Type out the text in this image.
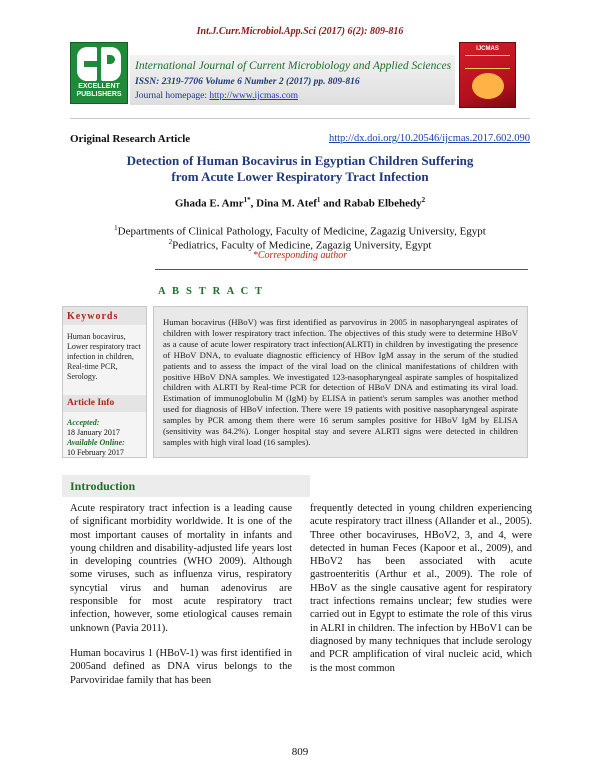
Int.J.Curr.Microbiol.App.Sci (2017) 6(2): 809-816
EXCELLENT PUBLISHERS
International Journal of Current Microbiology and Applied Sciences
ISSN: 2319-7706 Volume 6 Number 2 (2017) pp. 809-816
Journal homepage: http://www.ijcmas.com
IJCMAS
Original Research Article	http://dx.doi.org/10.20546/ijcmas.2017.602.090
Detection of Human Bocavirus in Egyptian Children Suffering
from Acute Lower Respiratory Tract Infection
Ghada E. Amr$^{1*}$, Dina M. Atef$^1$ and Rabab Elbehedy$^2$
$^1$Departments of Clinical Pathology, Faculty of Medicine, Zagazig University, Egypt
$^2$Pediatrics, Faculty of Medicine, Zagazig University, Egypt
*Corresponding author
A B S T R A C T
Keywords
Human bocavirus, Lower respiratory tract infection in children, Real-time PCR, Serology.
Article Info
Accepted:
18 January 2017
Available Online:
10 February 2017
Human bocavirus (HBoV) was first identified as parvovirus in 2005 in nasopharyngeal aspirates of children with lower respiratory tract infection. The objectives of this study were to determine HBoV as a cause of acute lower respiratory tract infection(ALRTI) in children by investigating the presence of HBoV DNA, to evaluate diagnostic efficiency of HBov IgM assay in the serum of the studied patients and to assess the impact of the viral load on the clinical manifestations of children with positive HBoV DNA samples. We investigated 123-nasopharyngeal aspirate samples of hospitalized children with ALRTI by Real-time PCR for detection of HBoV DNA and estimating its viral load. Estimation of immunoglobulin M (IgM) by ELISA in patient's serum samples was another method used for diagnosis of HBoV infection. There were 19 patients with positive nasopharyngeal aspirate samples by PCR among them there were 16 serum samples positive for HBoV IgM by ELISA (sensitivity was 84.2%). Longer hospital stay and severe ALRTI signs were detected in children samples with high viral load (16 samples).
Introduction

Acute respiratory tract infection is a leading cause of significant morbidity worldwide. It is one of the most important causes of mortality in infants and young children and disability-adjusted life years lost in developing countries (WHO 2009). Although some viruses, such as influenza virus, respiratory syncytial virus and human adenovirus are responsible for most acute respiratory tract infection, however, some etiological causes remain unknown (Pavia 2011).

Human bocavirus 1 (HBoV-1) was first identified in 2005and defined as DNA virus belongs to the Parvoviridae family that has been

frequently detected in young children experiencing acute respiratory tract illness (Allander et al., 2005). Three other bocaviruses, HBoV2, 3, and 4, were detected in human Feces (Kapoor et al., 2009), and HBoV2 has been associated with acute gastroenteritis (Arthur et al., 2009). The role of HBoV as the single causative agent for respiratory tract infections remains unclear; few studies were carried out in Egypt to estimate the role of this virus in ALRI in children. The infection by HBoV1 can be diagnosed by many techniques that include serology and PCR amplification of viral nucleic acid, which is the most common

809
